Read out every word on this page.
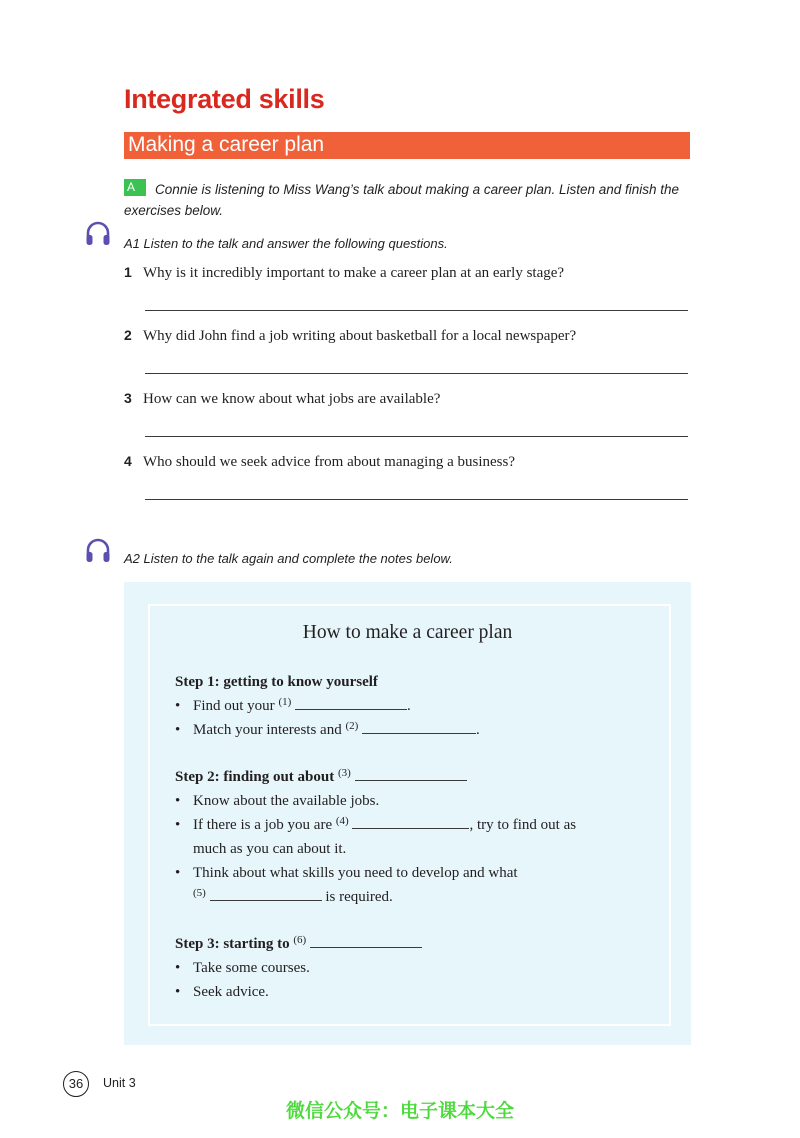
Integrated skills
Making a career plan
Connie is listening to Miss Wang’s talk about making a career plan. Listen and finish the exercises below.
A
A1 Listen to the talk and answer the following questions.
1 Why is it incredibly important to make a career plan at an early stage?
2 Why did John find a job writing about basketball for a local newspaper?
3 How can we know about what jobs are available?
4 Who should we seek advice from about managing a business?
A2 Listen to the talk again and complete the notes below.
How to make a career plan
Step 1: getting to know yourself
• Find out your $^{(1)}$	.
• Match your interests and $^{(2)}$	.
Step 2: finding out about $^{(3)}$
• Know about the available jobs.
• If there is a job you are $^{(4)}$	, try to find out as
much as you can about it.
• Think about what skills you need to develop and what
$^{(5)}$	is required.
Step 3: starting to $^{(6)}$
• Take some courses.
• Seek advice.
36	Unit 3
微信公众号：电子课本大全
